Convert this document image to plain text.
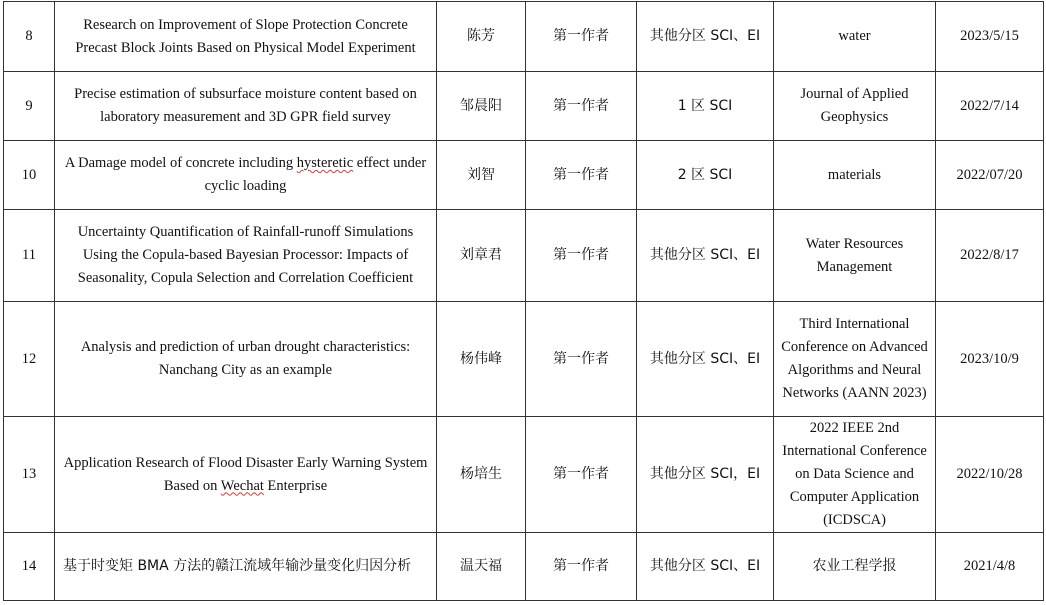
8	Research on Improvement of Slope Protection Concrete Precast Block Joints Based on Physical Model Experiment	陈芳	第一作者	其他分区 SCI、EI	water	2023/5/15
9	Precise estimation of subsurface moisture content based on laboratory measurement and 3D GPR field survey	邹晨阳	第一作者	1 区 SCI	Journal of Applied Geophysics	2022/7/14
10	A Damage model of concrete including hysteretic effect under cyclic loading	刘智	第一作者	2 区 SCI	materials	2022/07/20
11	Uncertainty Quantification of Rainfall-runoff Simulations Using the Copula-based Bayesian Processor: Impacts of Seasonality, Copula Selection and Correlation Coefficient	刘章君	第一作者	其他分区 SCI、EI	Water Resources Management	2022/8/17
12	Analysis and prediction of urban drought characteristics: Nanchang City as an example	杨伟峰	第一作者	其他分区 SCI、EI	Third International Conference on Advanced Algorithms and Neural Networks (AANN 2023)	2023/10/9
13	Application Research of Flood Disaster Early Warning System Based on Wechat Enterprise	杨培生	第一作者	其他分区 SCI，EI	2022 IEEE 2nd International Conference on Data Science and Computer Application (ICDSCA)	2022/10/28
14	基于时变矩 BMA 方法的赣江流域年输沙量变化归因分析	温天福	第一作者	其他分区 SCI、EI	农业工程学报	2021/4/8
